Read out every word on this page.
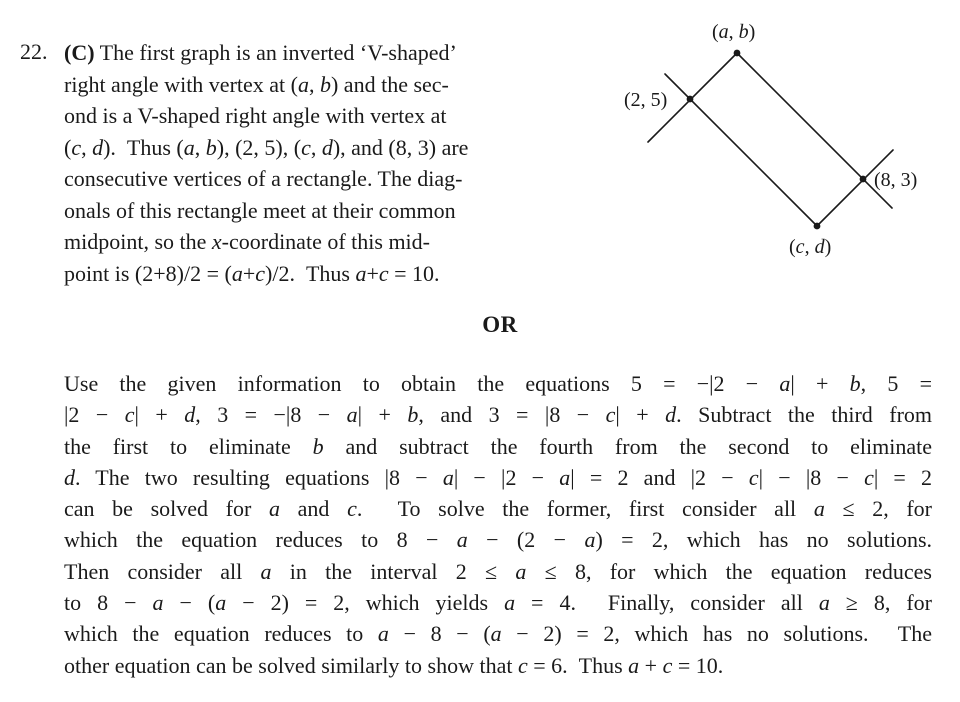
22. (C) The first graph is an inverted ‘V-shaped’
right angle with vertex at (a, b) and the sec-
ond is a V-shaped right angle with vertex at
(c, d).  Thus (a, b), (2, 5), (c, d), and (8, 3) are
consecutive vertices of a rectangle. The diag-
onals of this rectangle meet at their common
midpoint, so the x-coordinate of this mid-
point is (2+8)/2 = (a+c)/2.  Thus a+c = 10.
(a, b)
(2, 5)
(8, 3)
(c, d)
OR
Use the given information to obtain the equations 5 = −|2 − a| + b, 5 =
|2 − c| + d, 3 = −|8 − a| + b, and 3 = |8 − c| + d. Subtract the third from
the first to eliminate b and subtract the fourth from the second to eliminate
d. The two resulting equations |8 − a| − |2 − a| = 2 and |2 − c| − |8 − c| = 2
can be solved for a and c.  To solve the former, first consider all a ≤ 2, for
which the equation reduces to 8 − a − (2 − a) = 2, which has no solutions.
Then consider all a in the interval 2 ≤ a ≤ 8, for which the equation reduces
to 8 − a − (a − 2) = 2, which yields a = 4.  Finally, consider all a ≥ 8, for
which the equation reduces to a − 8 − (a − 2) = 2, which has no solutions.  The
other equation can be solved similarly to show that c = 6.  Thus a + c = 10.
